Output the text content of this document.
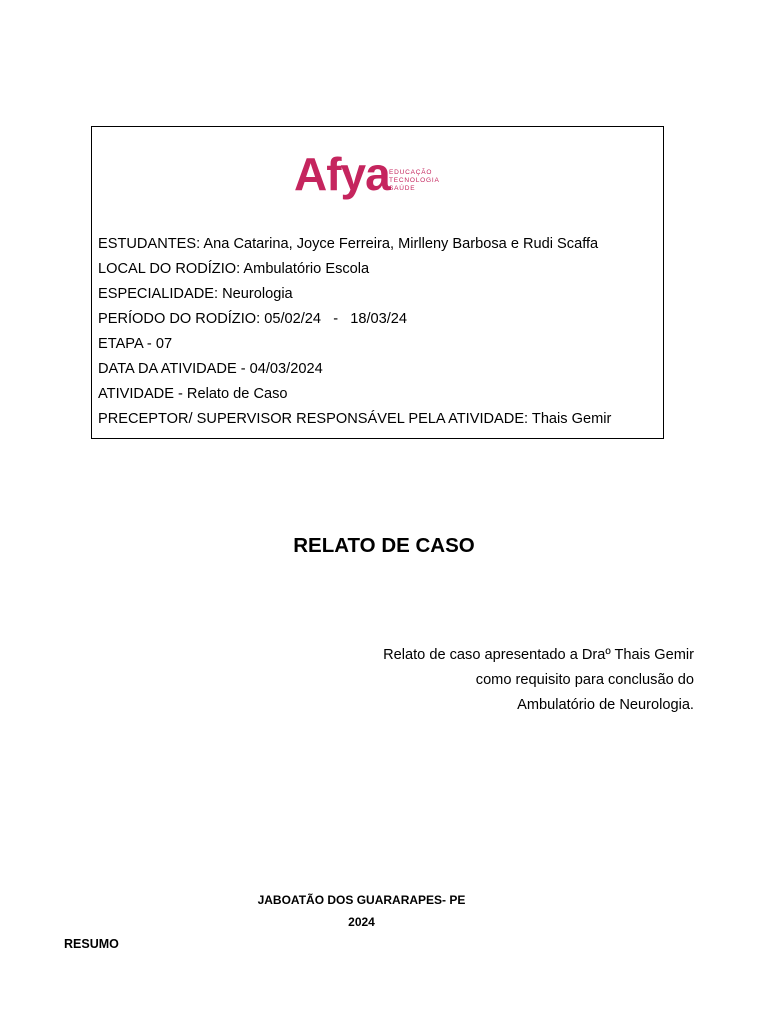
Afya EDUCAÇÃO
TECNOLOGIA
SAÚDE
ESTUDANTES: Ana Catarina, Joyce Ferreira, Mirlleny Barbosa e Rudi Scaffa
LOCAL DO RODÍZIO: Ambulatório Escola
ESPECIALIDADE: Neurologia
PERÍODO DO RODÍZIO: 05/02/24   -   18/03/24
ETAPA - 07
DATA DA ATIVIDADE - 04/03/2024
ATIVIDADE - Relato de Caso
PRECEPTOR/ SUPERVISOR RESPONSÁVEL PELA ATIVIDADE: Thais Gemir
RELATO DE CASO
Relato de caso apresentado a Draº Thais Gemir
como requisito para conclusão do
Ambulatório de Neurologia.
JABOATÃO DOS GUARARAPES- PE
2024
RESUMO
